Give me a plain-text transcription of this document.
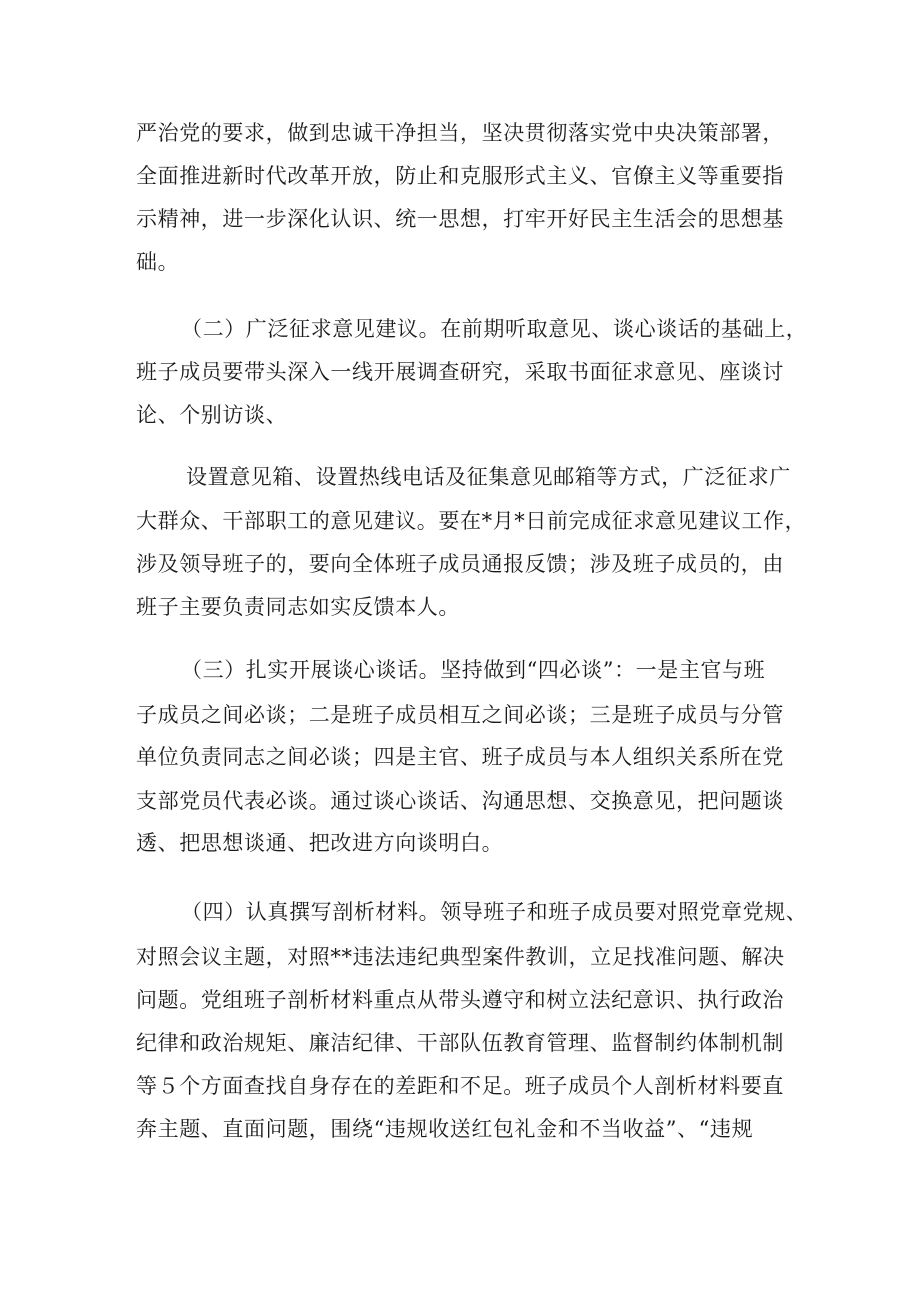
严治党的要求，做到忠诚干净担当，坚决贯彻落实党中央决策部署，
全面推进新时代改革开放，防止和克服形式主义、官僚主义等重要指
示精神，进一步深化认识、统一思想，打牢开好民主生活会的思想基
础。
（二）广泛征求意见建议。在前期听取意见、谈心谈话的基础上，
班子成员要带头深入一线开展调查研究，采取书面征求意见、座谈讨
论、个别访谈、
设置意见箱、设置热线电话及征集意见邮箱等方式，广泛征求广
大群众、干部职工的意见建议。要在*月*日前完成征求意见建议工作，
涉及领导班子的，要向全体班子成员通报反馈；涉及班子成员的，由
班子主要负责同志如实反馈本人。
（三）扎实开展谈心谈话。坚持做到“四必谈”：一是主官与班
子成员之间必谈；二是班子成员相互之间必谈；三是班子成员与分管
单位负责同志之间必谈；四是主官、班子成员与本人组织关系所在党
支部党员代表必谈。通过谈心谈话、沟通思想、交换意见，把问题谈
透、把思想谈通、把改进方向谈明白。
（四）认真撰写剖析材料。领导班子和班子成员要对照党章党规、
对照会议主题，对照**违法违纪典型案件教训，立足找准问题、解决
问题。党组班子剖析材料重点从带头遵守和树立法纪意识、执行政治
纪律和政治规矩、廉洁纪律、干部队伍教育管理、监督制约体制机制
等５个方面查找自身存在的差距和不足。班子成员个人剖析材料要直
奔主题、直面问题，围绕“违规收送红包礼金和不当收益”、“违规
